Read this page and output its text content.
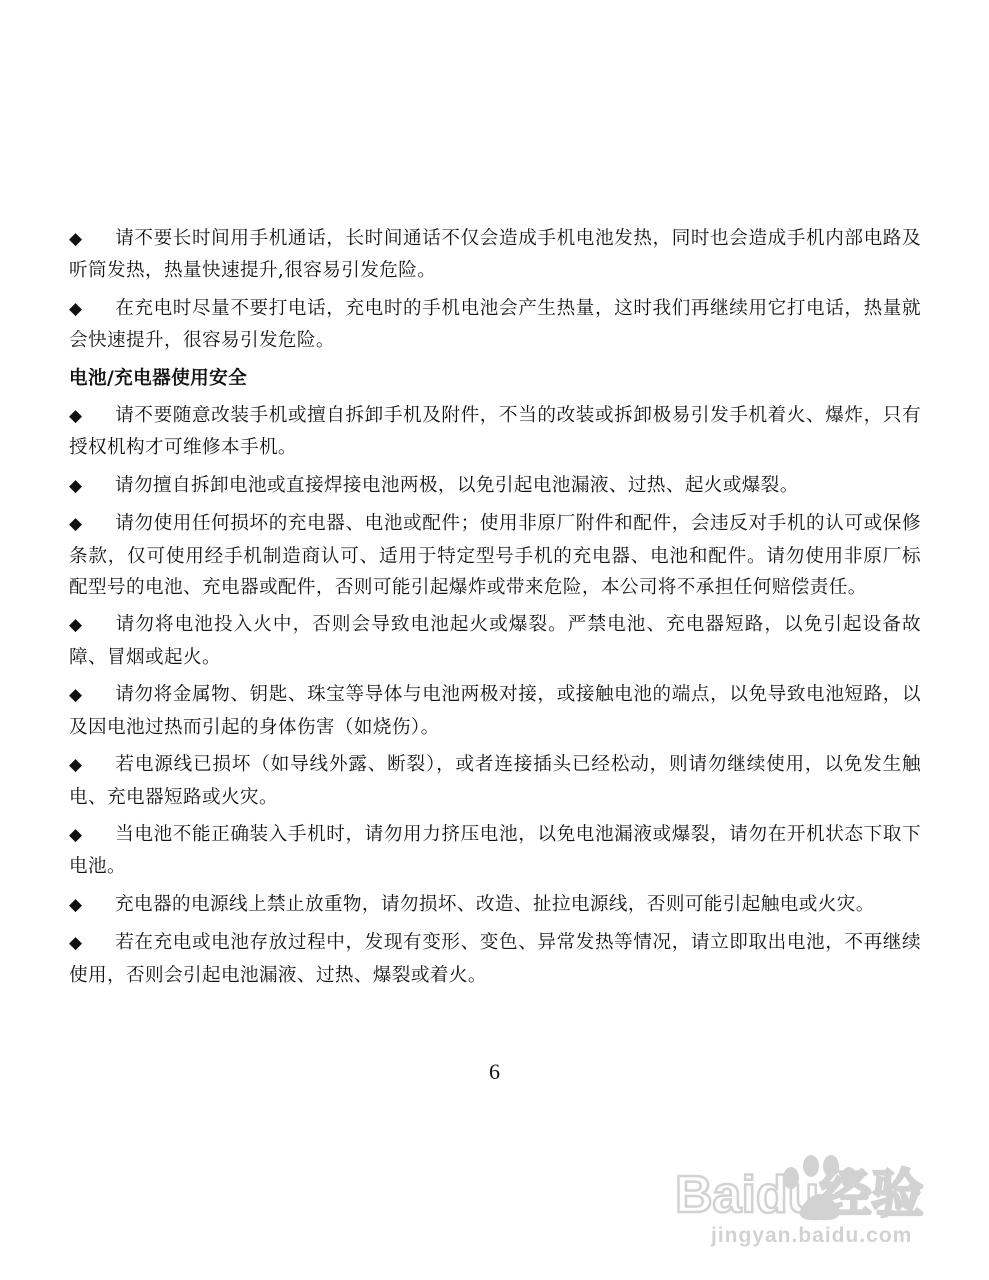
◆ 请不要长时间用手机通话，长时间通话不仅会造成手机电池发热，同时也会造成手机内部电路及听筒发热，热量快速提升,很容易引发危险。
◆ 在充电时尽量不要打电话，充电时的手机电池会产生热量，这时我们再继续用它打电话，热量就会快速提升，很容易引发危险。
电池/充电器使用安全
◆ 请不要随意改装手机或擅自拆卸手机及附件，不当的改装或拆卸极易引发手机着火、爆炸，只有授权机构才可维修本手机。
◆ 请勿擅自拆卸电池或直接焊接电池两极，以免引起电池漏液、过热、起火或爆裂。
◆ 请勿使用任何损坏的充电器、电池或配件；使用非原厂附件和配件，会违反对手机的认可或保修条款，仅可使用经手机制造商认可、适用于特定型号手机的充电器、电池和配件。请勿使用非原厂标配型号的电池、充电器或配件，否则可能引起爆炸或带来危险，本公司将不承担任何赔偿责任。
◆ 请勿将电池投入火中，否则会导致电池起火或爆裂。严禁电池、充电器短路，以免引起设备故障、冒烟或起火。
◆ 请勿将金属物、钥匙、珠宝等导体与电池两极对接，或接触电池的端点，以免导致电池短路，以及因电池过热而引起的身体伤害（如烧伤）。
◆ 若电源线已损坏（如导线外露、断裂），或者连接插头已经松动，则请勿继续使用，以免发生触电、充电器短路或火灾。
◆ 当电池不能正确装入手机时，请勿用力挤压电池，以免电池漏液或爆裂，请勿在开机状态下取下电池。
◆ 充电器的电源线上禁止放重物，请勿损坏、改造、扯拉电源线，否则可能引起触电或火灾。
◆ 若在充电或电池存放过程中，发现有变形、变色、异常发热等情况，请立即取出电池，不再继续使用，否则会引起电池漏液、过热、爆裂或着火。
6
Baidu经验
jingyan.baidu.com
